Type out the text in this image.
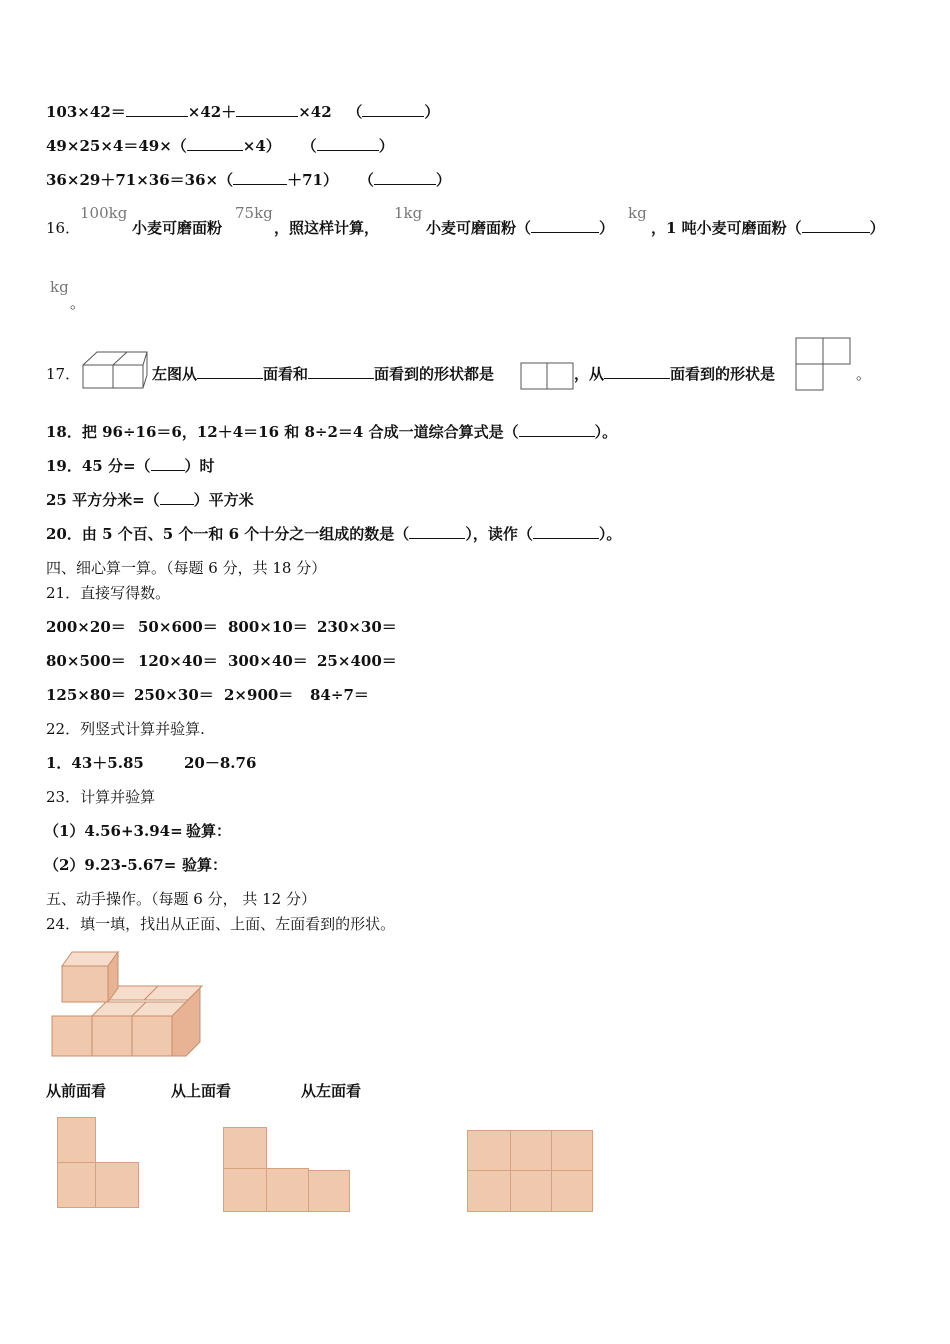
103×42＝	×42＋	×42 （	）
49×25×4＝49×（	×4） （	）
36×29＋71×36＝36×（	＋71） （	）
16．
100kg
小麦可磨面粉
75kg
，照这样计算，
1kg
小麦可磨面粉（	）
kg
，1 吨小麦可磨面粉（	）
kg
。
17．	左图从	面看和	面看到的形状都是	，从	面看到的形状是	。
18．把 96÷16＝6，12＋4＝16 和 8÷2＝4 合成一道综合算式是（	）。
19．45 分=（ ）时
25 平方分米=（ ）平方米
20．由 5 个百、5 个一和 6 个十分之一组成的数是（	），读作（	）。
四、细心算一算。（每题 6 分，共 18 分）
21．直接写得数。
200×20＝ 50×600＝ 800×10＝ 230×30＝
80×500＝ 120×40＝ 300×40＝ 25×400＝
125×80＝ 250×30＝ 2×900＝ 84÷7＝
22．列竖式计算并验算.
1．43＋5.85	20－8.76
23．计算并验算
（1）4.56+3.94= 验算：
（2）9.23-5.67= 验算：
五、动手操作。（每题 6 分， 共 12 分）
24．填一填，找出从正面、上面、左面看到的形状。
从前面看	从上面看	从左面看
